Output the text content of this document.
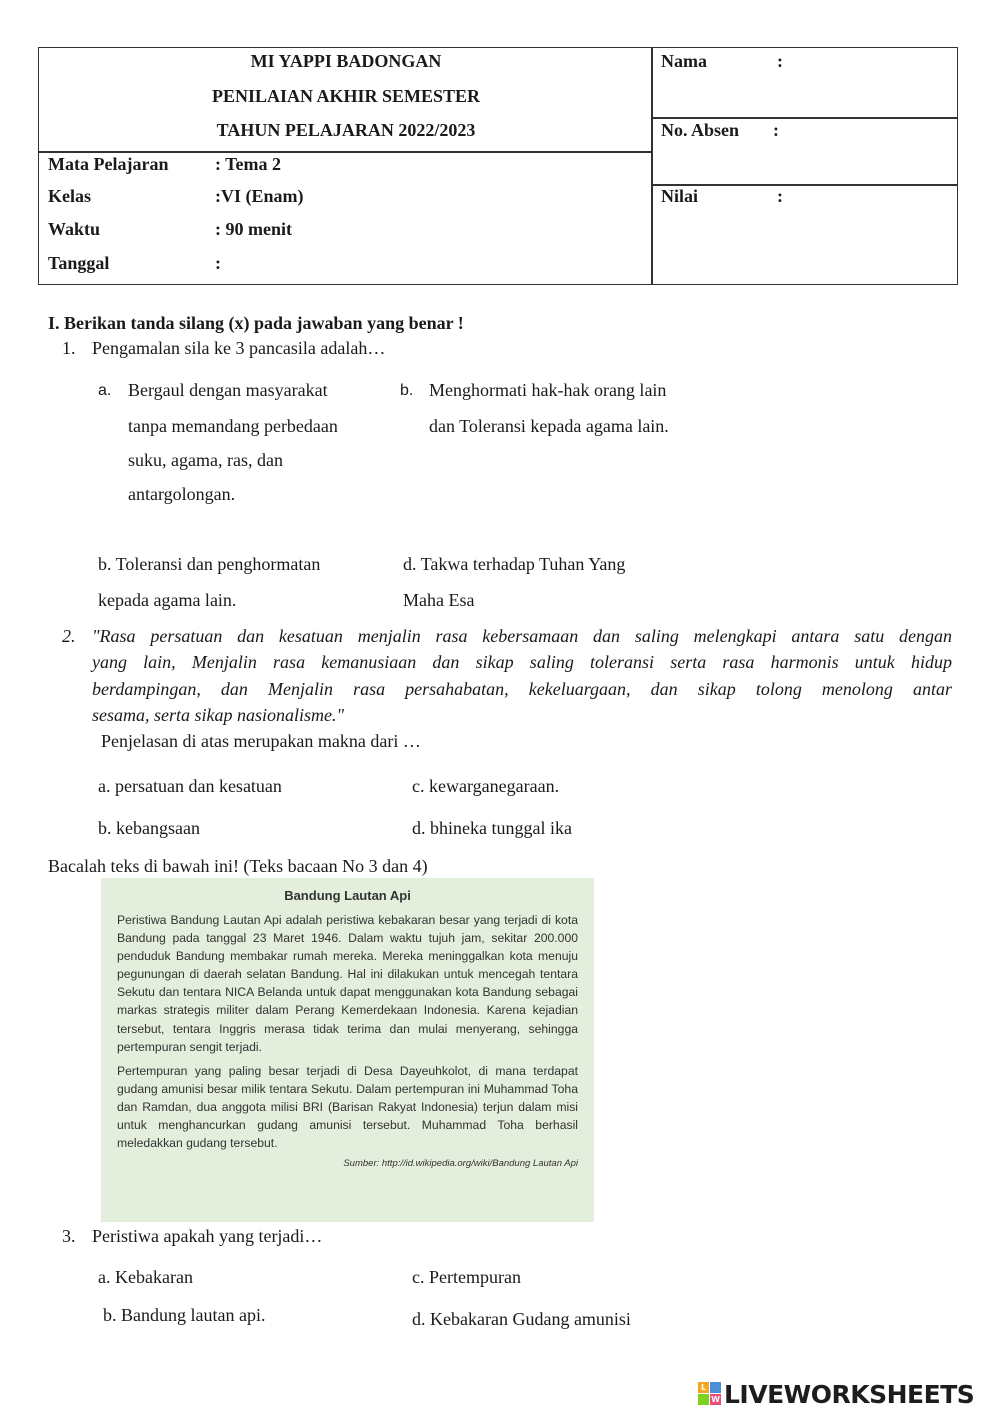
MI YAPPI BADONGAN
PENILAIAN AKHIR SEMESTER
TAHUN PELAJARAN 2022/2023
Mata Pelajaran	: Tema 2
Kelas	:VI (Enam)
Waktu	: 90 menit
Tanggal	:
Nama	:
No. Absen :
Nilai	:
I. Berikan tanda silang (x) pada jawaban yang benar !
1. Pengamalan sila ke 3 pancasila adalah…
a. Bergaul dengan masyarakat
tanpa memandang perbedaan
suku, agama, ras, dan
antargolongan.
b. Menghormati hak-hak orang lain
dan Toleransi kepada agama lain.
b. Toleransi dan penghormatan
kepada agama lain.
d. Takwa terhadap Tuhan Yang
Maha Esa
2. "Rasa persatuan dan kesatuan menjalin rasa kebersamaan dan saling melengkapi antara satu dengan
yang lain, Menjalin rasa kemanusiaan dan sikap saling toleransi serta rasa harmonis untuk hidup
berdampingan, dan Menjalin rasa persahabatan, kekeluargaan, dan sikap tolong menolong antar
sesama, serta sikap nasionalisme."
Penjelasan di atas merupakan makna dari …
a. persatuan dan kesatuan	c. kewarganegaraan.
b. kebangsaan	d. bhineka tunggal ika
Bacalah teks di bawah ini! (Teks bacaan No 3 dan 4)
Bandung Lautan Api

Peristiwa Bandung Lautan Api adalah peristiwa kebakaran besar yang terjadi di kota Bandung pada tanggal 23 Maret 1946. Dalam waktu tujuh jam, sekitar 200.000 penduduk Bandung membakar rumah mereka. Mereka meninggalkan kota menuju pegunungan di daerah selatan Bandung. Hal ini dilakukan untuk mencegah tentara Sekutu dan tentara NICA Belanda untuk dapat menggunakan kota Bandung sebagai markas strategis militer dalam Perang Kemerdekaan Indonesia. Karena kejadian tersebut, tentara Inggris merasa tidak terima dan mulai menyerang, sehingga pertempuran sengit terjadi.

Pertempuran yang paling besar terjadi di Desa Dayeuhkolot, di mana terdapat gudang amunisi besar milik tentara Sekutu. Dalam pertempuran ini Muhammad Toha dan Ramdan, dua anggota milisi BRI (Barisan Rakyat Indonesia) terjun dalam misi untuk menghancurkan gudang amunisi tersebut. Muhammad Toha berhasil meledakkan gudang tersebut.

Sumber: http://id.wikipedia.org/wiki/Bandung Lautan Api
3. Peristiwa apakah yang terjadi…
a. Kebakaran	c. Pertempuran
b. Bandung lautan api.	d. Kebakaran Gudang amunisi
L
W LIVEWORKSHEETS
